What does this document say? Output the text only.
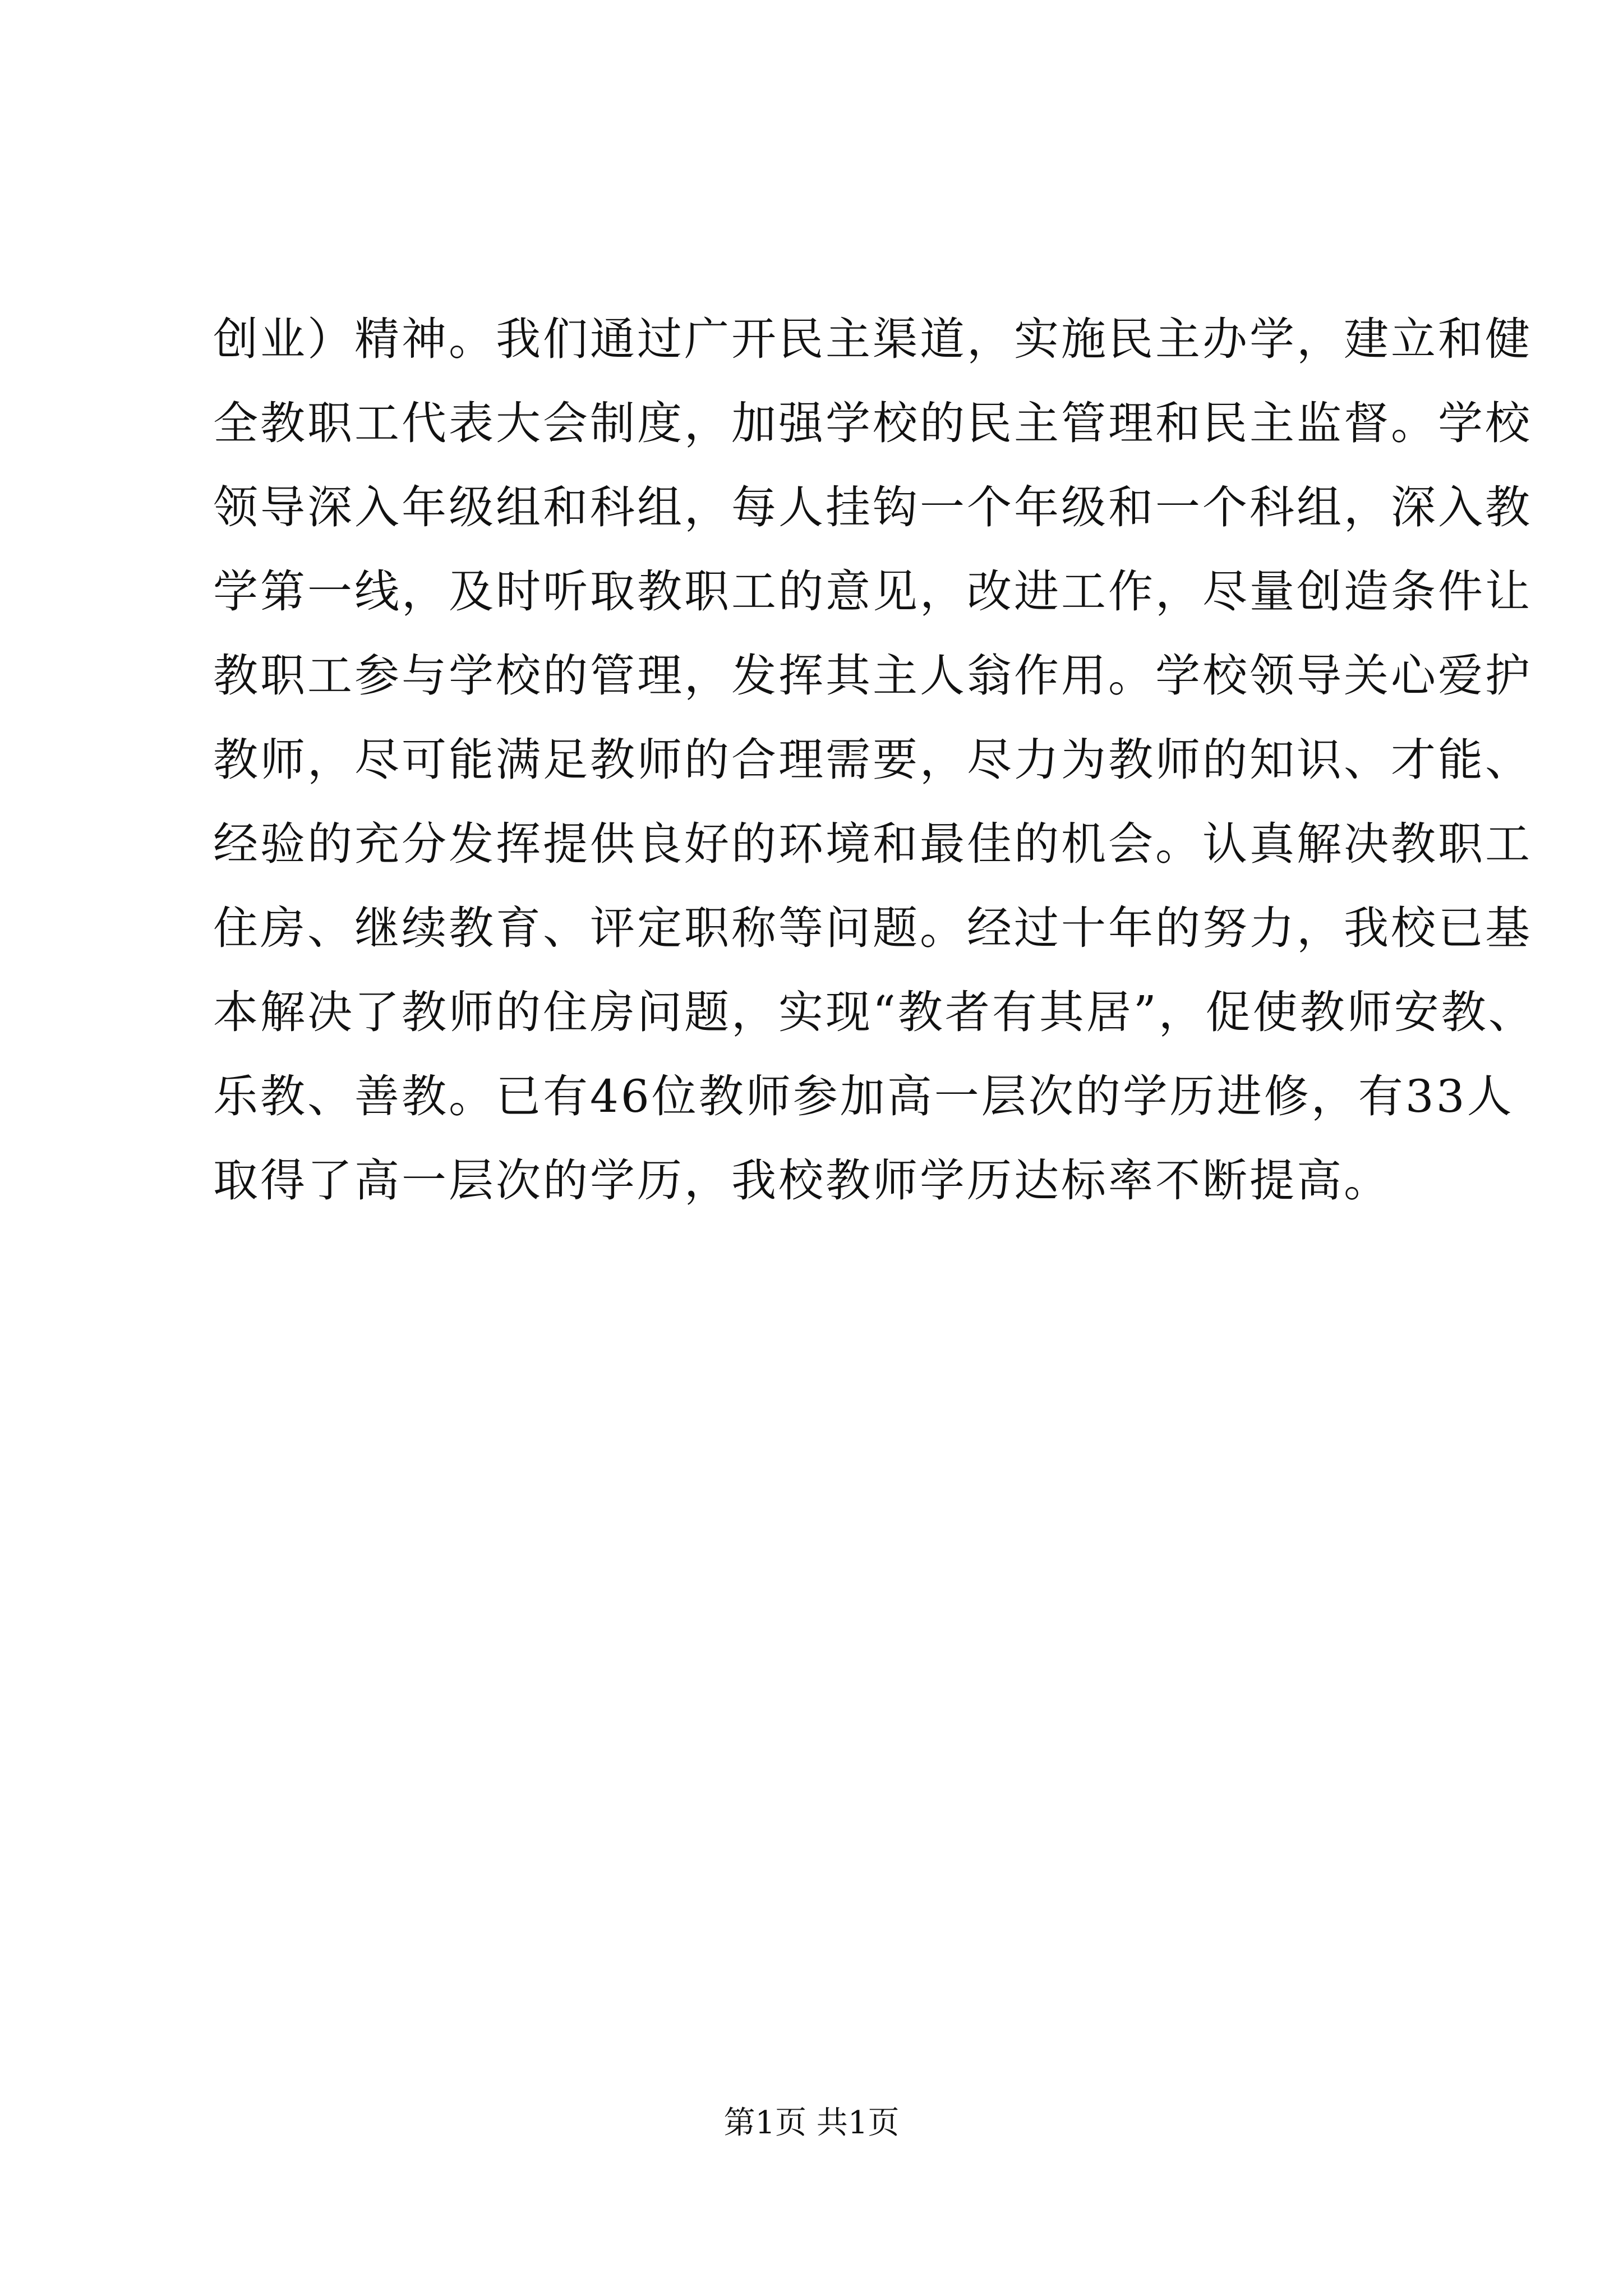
创业）精神。我们通过广开民主渠道，实施民主办学，建立和健
全教职工代表大会制度，加强学校的民主管理和民主监督。学校
领导深入年级组和科组，每人挂钩一个年级和一个科组，深入教
学第一线，及时听取教职工的意见，改进工作，尽量创造条件让
教职工参与学校的管理，发挥其主人翁作用。学校领导关心爱护
教师，尽可能满足教师的合理需要，尽力为教师的知识、才能、
经验的充分发挥提供良好的环境和最佳的机会。认真解决教职工
住房、继续教育、评定职称等问题。经过十年的努力，我校已基
本解决了教师的住房问题，实现“教者有其居”，促使教师安教、
乐教、善教。已有46位教师参加高一层次的学历进修，有33人
取得了高一层次的学历，我校教师学历达标率不断提高。
第1页 共1页
